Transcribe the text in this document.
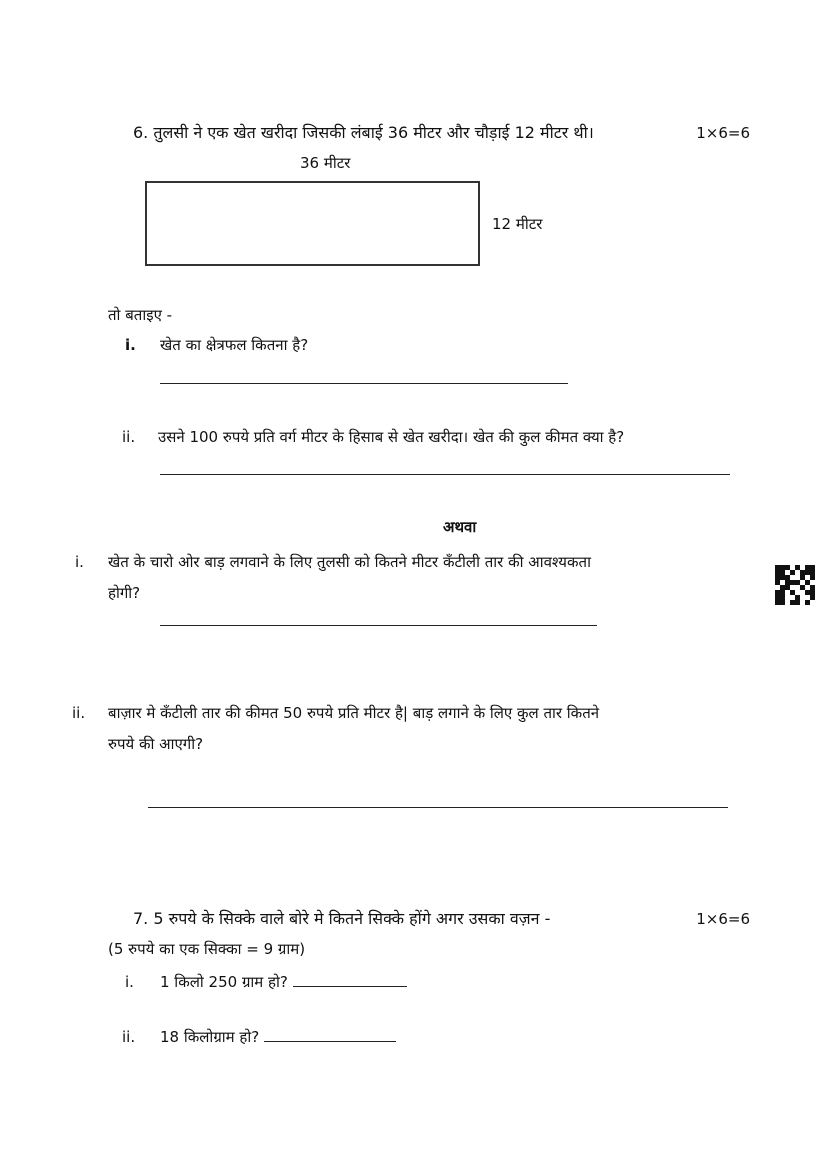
6. तुलसी ने एक खेत खरीदा जिसकी लंबाई 36 मीटर और चौड़ाई 12 मीटर थी।	1×6=6
36 मीटर
12 मीटर
तो बताइए -
i.	खेत का क्षेत्रफल कितना है?
ii.	उसने 100 रुपये प्रति वर्ग मीटर के हिसाब से खेत खरीदा। खेत की कुल कीमत क्या है?
अथवा
i.	खेत के चारो ओर बाड़ लगवाने के लिए तुलसी को कितने मीटर कँटीली तार की आवश्यकता
होगी?
ii.	बाज़ार मे कँटीली तार की कीमत 50 रुपये प्रति मीटर है| बाड़ लगाने के लिए कुल तार कितने
रुपये की आएगी?
7. 5 रुपये के सिक्के वाले बोरे मे कितने सिक्के होंगे अगर उसका वज़न -	1×6=6
(5 रुपये का एक सिक्का = 9 ग्राम)
i.	1 किलो 250 ग्राम हो?
ii.	18 किलोग्राम हो?
